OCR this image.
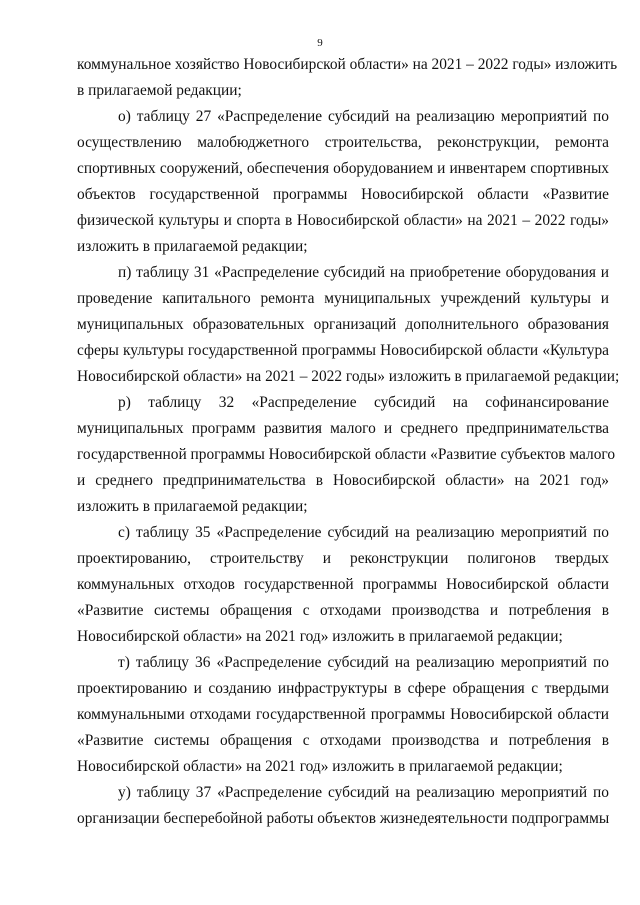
9

коммунальное хозяйство Новосибирской области» на 2021 – 2022 годы» изложить
в прилагаемой редакции;

о) таблицу 27 «Распределение субсидий на реализацию мероприятий по
осуществлению малобюджетного строительства, реконструкции, ремонта
спортивных сооружений, обеспечения оборудованием и инвентарем спортивных
объектов государственной программы Новосибирской области «Развитие
физической культуры и спорта в Новосибирской области» на 2021 – 2022 годы»
изложить в прилагаемой редакции;

п) таблицу 31 «Распределение субсидий на приобретение оборудования и
проведение капитального ремонта муниципальных учреждений культуры и
муниципальных образовательных организаций дополнительного образования
сферы культуры государственной программы Новосибирской области «Культура
Новосибирской области» на 2021 – 2022 годы» изложить в прилагаемой редакции;

р) таблицу 32 «Распределение субсидий на софинансирование
муниципальных программ развития малого и среднего предпринимательства
государственной программы Новосибирской области «Развитие субъектов малого
и среднего предпринимательства в Новосибирской области» на 2021 год»
изложить в прилагаемой редакции;

с) таблицу 35 «Распределение субсидий на реализацию мероприятий по
проектированию, строительству и реконструкции полигонов твердых
коммунальных отходов государственной программы Новосибирской области
«Развитие системы обращения с отходами производства и потребления в
Новосибирской области» на 2021 год» изложить в прилагаемой редакции;

т) таблицу 36 «Распределение субсидий на реализацию мероприятий по
проектированию и созданию инфраструктуры в сфере обращения с твердыми
коммунальными отходами государственной программы Новосибирской области
«Развитие системы обращения с отходами производства и потребления в
Новосибирской области» на 2021 год» изложить в прилагаемой редакции;

у) таблицу 37 «Распределение субсидий на реализацию мероприятий по
организации бесперебойной работы объектов жизнедеятельности подпрограммы
